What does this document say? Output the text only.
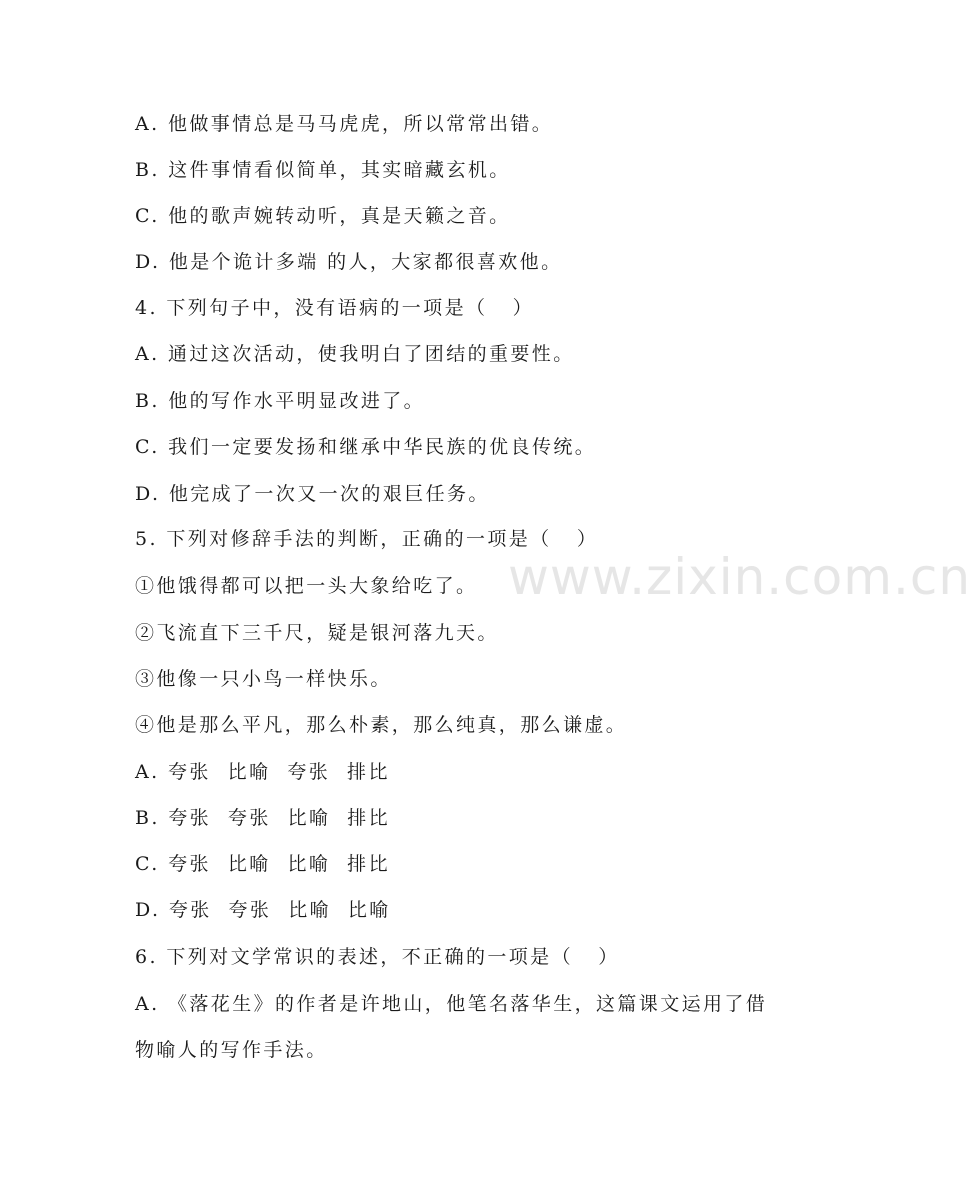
www.zixin.com.cn
A. 他做事情总是马马虎虎，所以常常出错。
B. 这件事情看似简单，其实暗藏玄机。
C. 他的歌声婉转动听，真是天籁之音。
D. 他是个诡计多端 的人，大家都很喜欢他。
4. 下列句子中，没有语病的一项是（   ）
A. 通过这次活动，使我明白了团结的重要性。
B. 他的写作水平明显改进了。
C. 我们一定要发扬和继承中华民族的优良传统。
D. 他完成了一次又一次的艰巨任务。
5. 下列对修辞手法的判断，正确的一项是（   ）
①他饿得都可以把一头大象给吃了。
②飞流直下三千尺，疑是银河落九天。
③他像一只小鸟一样快乐。
④他是那么平凡，那么朴素，那么纯真，那么谦虚。
A. 夸张  比喻  夸张  排比
B. 夸张  夸张  比喻  排比
C. 夸张  比喻  比喻  排比
D. 夸张  夸张  比喻  比喻
6. 下列对文学常识的表述，不正确的一项是（   ）
A. 《落花生》的作者是许地山，他笔名落华生，这篇课文运用了借物喻人的写作手法。
